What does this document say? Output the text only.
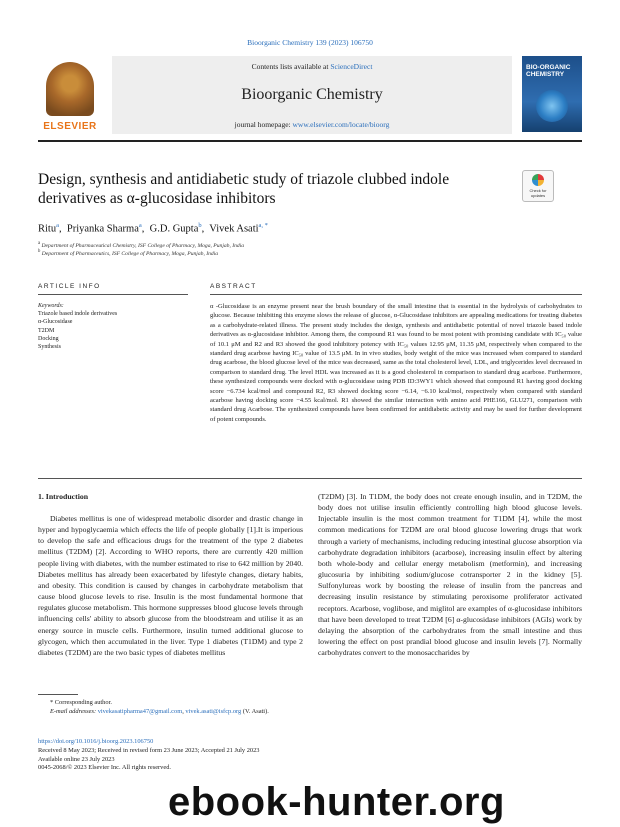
Bioorganic Chemistry 139 (2023) 106750
ELSEVIER
Contents lists available at ScienceDirect
Bioorganic Chemistry
journal homepage: www.elsevier.com/locate/bioorg
BIO-ORGANIC CHEMISTRY
Design, synthesis and antidiabetic study of triazole clubbed indole derivatives as α-glucosidase inhibitors	Check for updates
Ritu$^a$,  Priyanka Sharma$^a$,  G.D. Gupta$^b$,  Vivek Asati$^{a, *}$
$^a$ Department of Pharmaceutical Chemistry, ISF College of Pharmacy, Moga, Punjab, India
$^b$ Department of Pharmaceutics, ISF College of Pharmacy, Moga, Punjab, India
ARTICLE INFO	ABSTRACT
Keywords:
Triazole based indole derivatives
α-Glucosidase
T2DM
Docking
Synthesis
α -Glucosidase is an enzyme present near the brush boundary of the small intestine that is essential in the hydrolysis of carbohydrates to glucose. Because inhibiting this enzyme slows the release of glucose, α-Glucosidase inhibitors are appealing medications for treating diabetes as a carbohydrate-related illness. The present study includes the design, synthesis and antidiabetic potential of novel triazole based indole derivatives as α-glucosidase inhibitor. Among them, the compound R1 was found to be most potent with promising candidate with IC₅₀ value of 10.1 μM and R2 and R3 showed the good inhibitory potency with IC₅₀ values 12.95 μM, 11.35 μM, respectively when compared to the standard drug acarbose having IC₅₀ value of 13.5 μM. In in vivo studies, body weight of the mice was increased when compared to standard drug acarbose, the blood glucose level of the mice was decreased, same as the total cholesterol level, LDL, and triglycerides level decreased in comparison to standard drug. The level HDL was increased as it is a good cholesterol in comparison to standard drug acarbose. Furthermore, these synthesized compounds were docked with α-glucosidase using PDB ID:3WY1 which showed that compound R1 having good docking score −6.734 kcal/mol and compound R2, R3 showed docking score −6.14, −6.10 kcal/mol, respectively when compared with standard acarbose having docking score −4.55 kcal/mol. R1 showed the similar interaction with amino acid PHE166, GLU271, comparison with standard drug Acarbose. The synthesized compounds have been confirmed for antidiabetic activity and may be used for further development of potent compounds.
1. Introduction

Diabetes mellitus is one of widespread metabolic disorder and drastic change in hyper and hypoglycaemia which effects the life of people globally [1].It is imperious to develop the safe and efficacious drugs for the treatment of the type 2 diabetes mellitus (T2DM) [2]. According to WHO reports, there are currently 420 million people living with diabetes, with the number estimated to rise to 642 million by 2040. Diabetes mellitus has already been exacerbated by lifestyle changes, dietary habits, and obesity. This condition is caused by changes in carbohydrate metabolism that cause blood glucose levels to rise. Insulin is the most fundamental hormone that regulates glucose metabolism. This hormone suppresses blood glucose levels through influencing cells' ability to absorb glucose from the bloodstream and utilise it as an energy source in muscle cells. Furthermore, insulin turned additional glucose to glycogen, which then accumulated in the liver. Type 1 diabetes (T1DM) and type 2 diabetes (T2DM) are the two basic types of diabetes mellitus

(T2DM) [3]. In T1DM, the body does not create enough insulin, and in T2DM, the body does not utilise insulin efficiently controlling high blood glucose levels. Injectable insulin is the most common treatment for T1DM [4], while the most common medications for T2DM are oral blood glucose lowering drugs that work through a variety of mechanisms, including reducing intestinal glucose absorption via carbohydrate degradation inhibitors (acarbose), increasing insulin effect by altering both whole-body and cellular energy metabolism (metformin), and increasing glucosuria by inhibiting sodium/glucose cotransporter 2 in the kidney [5]. Sulfonylureas work by boosting the release of insulin from the pancreas and decreasing insulin resistance by stimulating peroxisome proliferator activated receptors. Acarbose, voglibose, and miglitol are examples of α-glucosidase inhibitors that have been developed to treat T2DM [6] α-glucosidase inhibitors (AGIs) work by delaying the absorption of the carbohydrates from the small intestine and thus lowering the effect on post prandial blood glucose and insulin levels [7]. Normally carbohydrates convert to the monosaccharides by

* Corresponding author.
E-mail addresses: vivekasatipharma47@gmail.com, vivek.asati@isfcp.org (V. Asati).
https://doi.org/10.1016/j.bioorg.2023.106750
Received 8 May 2023; Received in revised form 23 June 2023; Accepted 21 July 2023
Available online 23 July 2023
0045-2068/© 2023 Elsevier Inc. All rights reserved.
ebook-hunter.org
